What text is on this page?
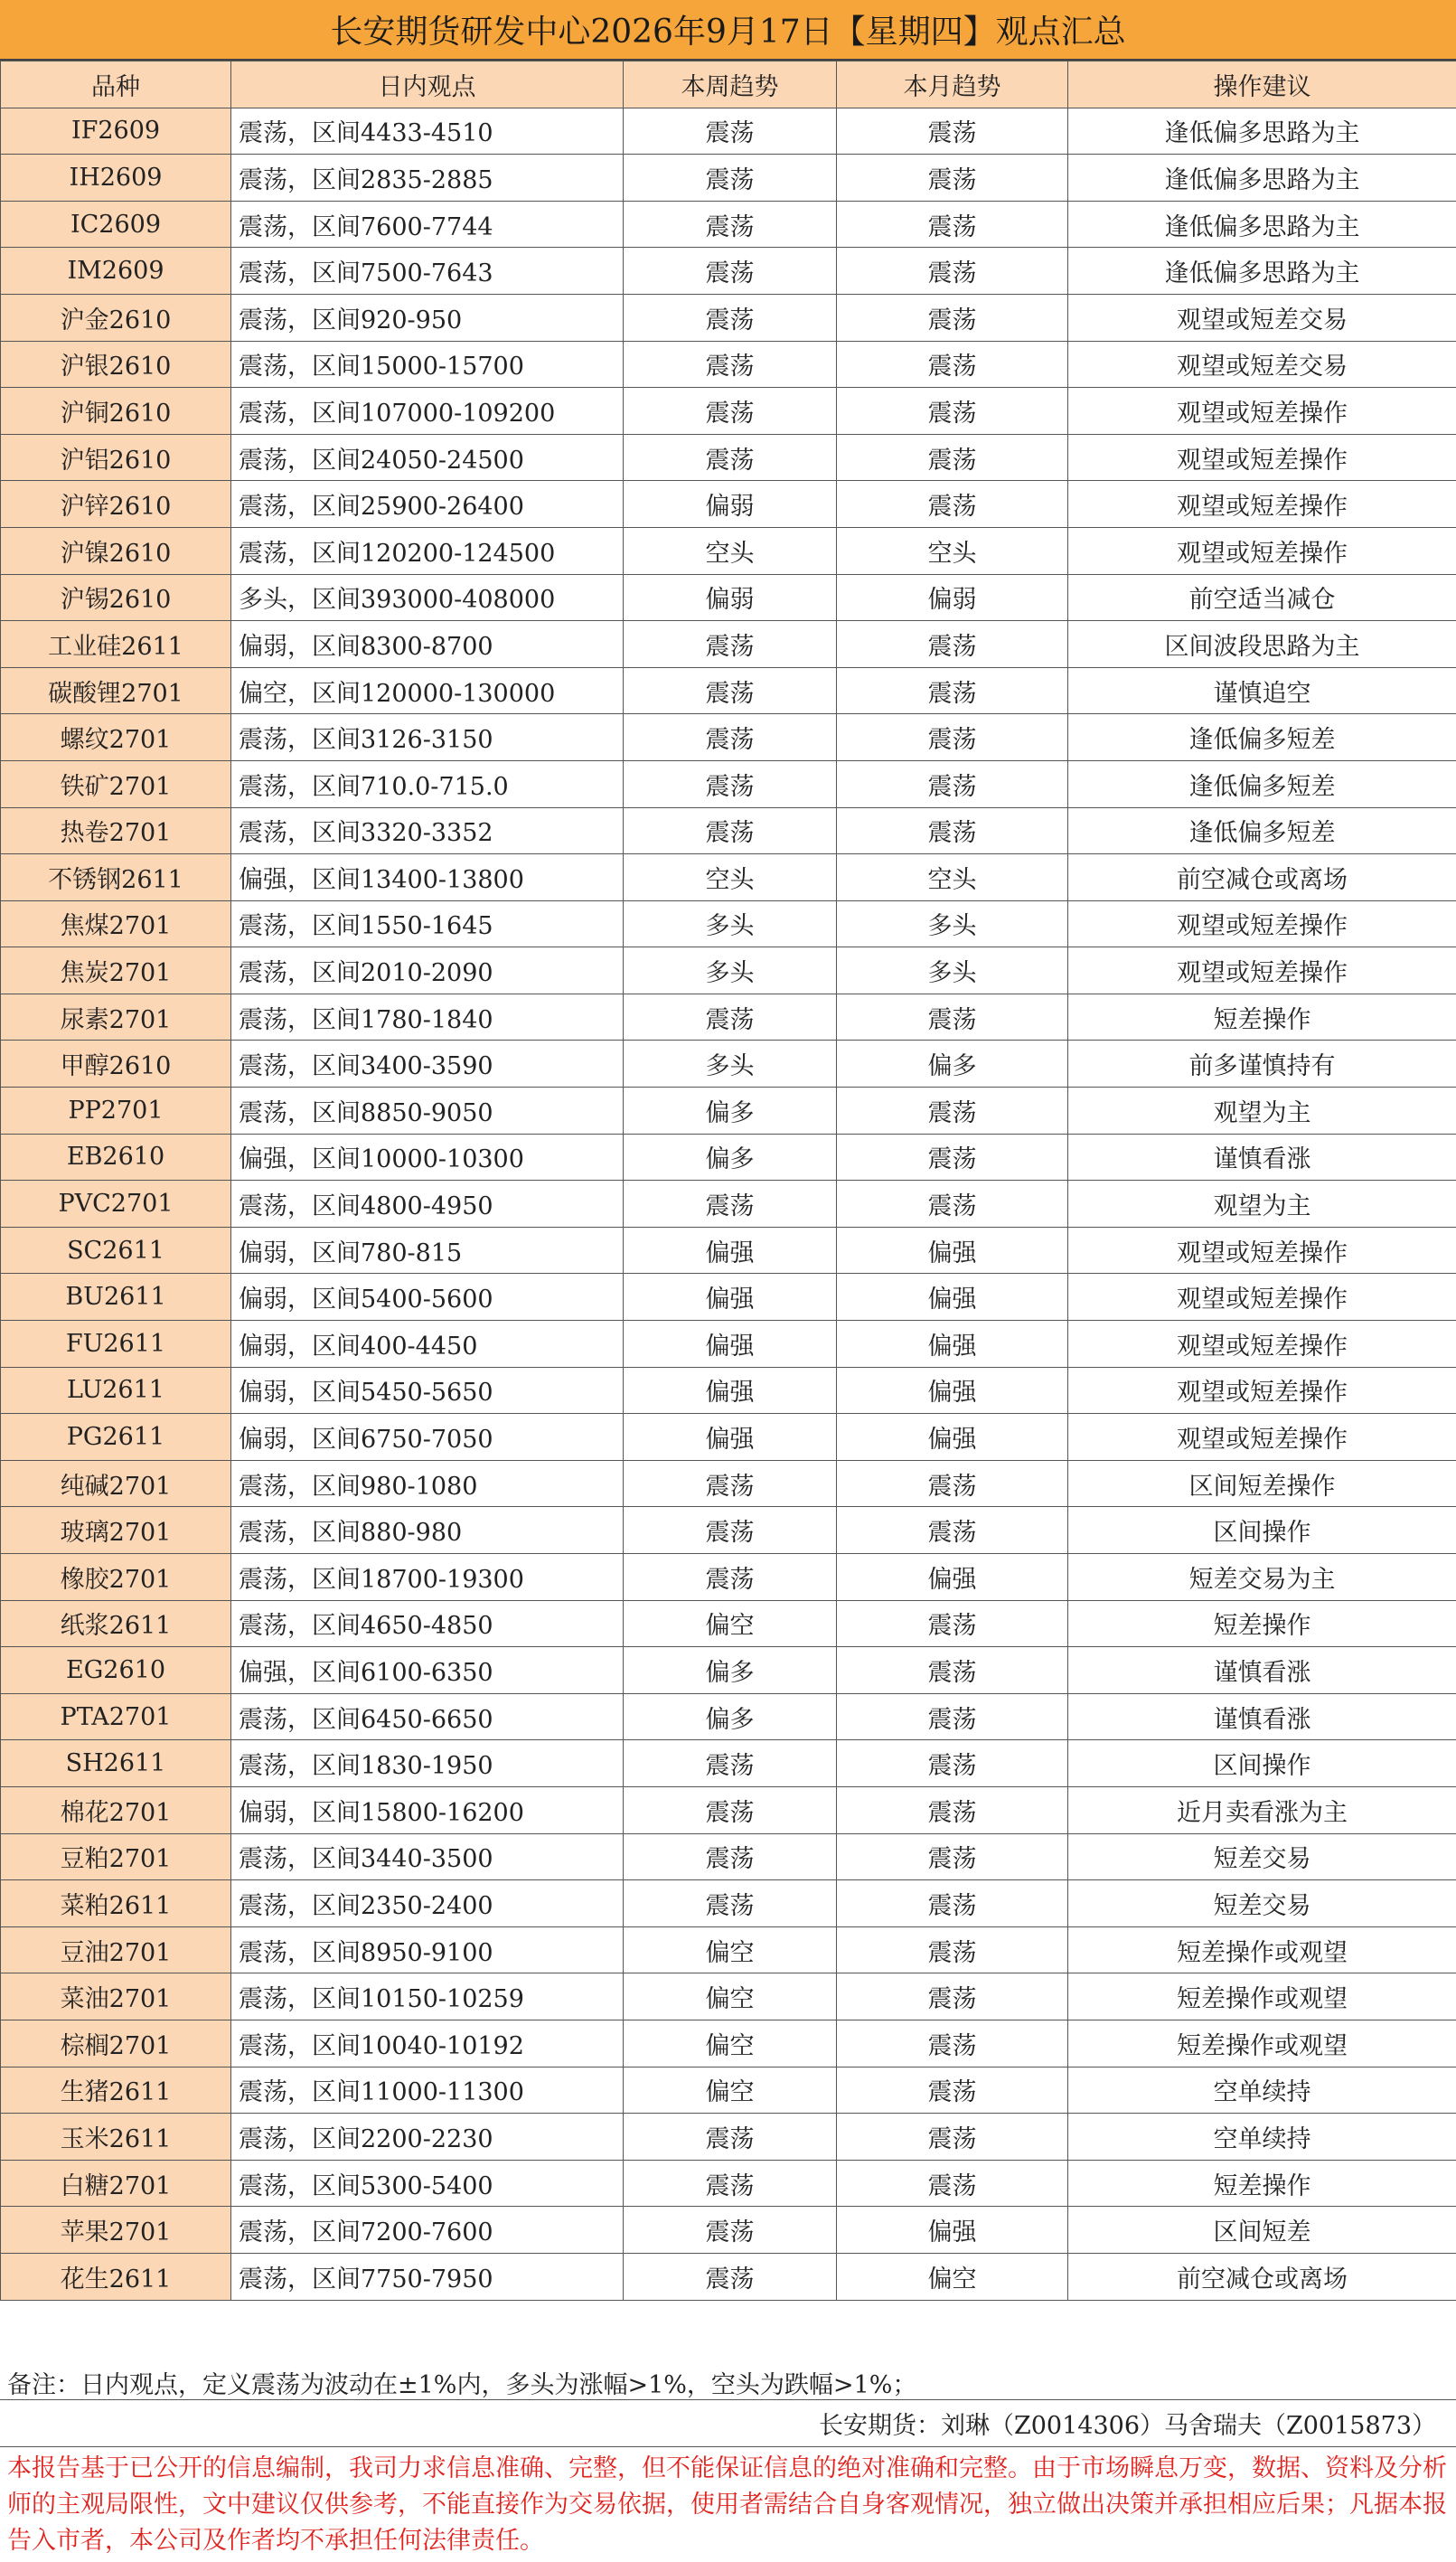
长安期货研发中心2026年9月17日【星期四】观点汇总
品种	日内观点	本周趋势	本月趋势	操作建议
IF2609	震荡，区间4433-4510	震荡	震荡	逢低偏多思路为主
IH2609	震荡，区间2835-2885	震荡	震荡	逢低偏多思路为主
IC2609	震荡，区间7600-7744	震荡	震荡	逢低偏多思路为主
IM2609	震荡，区间7500-7643	震荡	震荡	逢低偏多思路为主
沪金2610	震荡，区间920-950	震荡	震荡	观望或短差交易
沪银2610	震荡，区间15000-15700	震荡	震荡	观望或短差交易
沪铜2610	震荡，区间107000-109200	震荡	震荡	观望或短差操作
沪铝2610	震荡，区间24050-24500	震荡	震荡	观望或短差操作
沪锌2610	震荡，区间25900-26400	偏弱	震荡	观望或短差操作
沪镍2610	震荡，区间120200-124500	空头	空头	观望或短差操作
沪锡2610	多头，区间393000-408000	偏弱	偏弱	前空适当减仓
工业硅2611	偏弱，区间8300-8700	震荡	震荡	区间波段思路为主
碳酸锂2701	偏空，区间120000-130000	震荡	震荡	谨慎追空
螺纹2701	震荡，区间3126-3150	震荡	震荡	逢低偏多短差
铁矿2701	震荡，区间710.0-715.0	震荡	震荡	逢低偏多短差
热卷2701	震荡，区间3320-3352	震荡	震荡	逢低偏多短差
不锈钢2611	偏强，区间13400-13800	空头	空头	前空减仓或离场
焦煤2701	震荡，区间1550-1645	多头	多头	观望或短差操作
焦炭2701	震荡，区间2010-2090	多头	多头	观望或短差操作
尿素2701	震荡，区间1780-1840	震荡	震荡	短差操作
甲醇2610	震荡，区间3400-3590	多头	偏多	前多谨慎持有
PP2701	震荡，区间8850-9050	偏多	震荡	观望为主
EB2610	偏强，区间10000-10300	偏多	震荡	谨慎看涨
PVC2701	震荡，区间4800-4950	震荡	震荡	观望为主
SC2611	偏弱，区间780-815	偏强	偏强	观望或短差操作
BU2611	偏弱，区间5400-5600	偏强	偏强	观望或短差操作
FU2611	偏弱，区间400-4450	偏强	偏强	观望或短差操作
LU2611	偏弱，区间5450-5650	偏强	偏强	观望或短差操作
PG2611	偏弱，区间6750-7050	偏强	偏强	观望或短差操作
纯碱2701	震荡，区间980-1080	震荡	震荡	区间短差操作
玻璃2701	震荡，区间880-980	震荡	震荡	区间操作
橡胶2701	震荡，区间18700-19300	震荡	偏强	短差交易为主
纸浆2611	震荡，区间4650-4850	偏空	震荡	短差操作
EG2610	偏强，区间6100-6350	偏多	震荡	谨慎看涨
PTA2701	震荡，区间6450-6650	偏多	震荡	谨慎看涨
SH2611	震荡，区间1830-1950	震荡	震荡	区间操作
棉花2701	偏弱，区间15800-16200	震荡	震荡	近月卖看涨为主
豆粕2701	震荡，区间3440-3500	震荡	震荡	短差交易
菜粕2611	震荡，区间2350-2400	震荡	震荡	短差交易
豆油2701	震荡，区间8950-9100	偏空	震荡	短差操作或观望
菜油2701	震荡，区间10150-10259	偏空	震荡	短差操作或观望
棕榈2701	震荡，区间10040-10192	偏空	震荡	短差操作或观望
生猪2611	震荡，区间11000-11300	偏空	震荡	空单续持
玉米2611	震荡，区间2200-2230	震荡	震荡	空单续持
白糖2701	震荡，区间5300-5400	震荡	震荡	短差操作
苹果2701	震荡，区间7200-7600	震荡	偏强	区间短差
花生2611	震荡，区间7750-7950	震荡	偏空	前空减仓或离场
备注：日内观点，定义震荡为波动在±1%内，多头为涨幅>1%，空头为跌幅>1%；
长安期货：刘琳（Z0014306）马舍瑞夫（Z0015873）
本报告基于已公开的信息编制，我司力求信息准确、完整，但不能保证信息的绝对准确和完整。由于市场瞬息万变，数据、资料及分析师的主观局限性，文中建议仅供参考，不能直接作为交易依据，使用者需结合自身客观情况，独立做出决策并承担相应后果；凡据本报告入市者，本公司及作者均不承担任何法律责任。
